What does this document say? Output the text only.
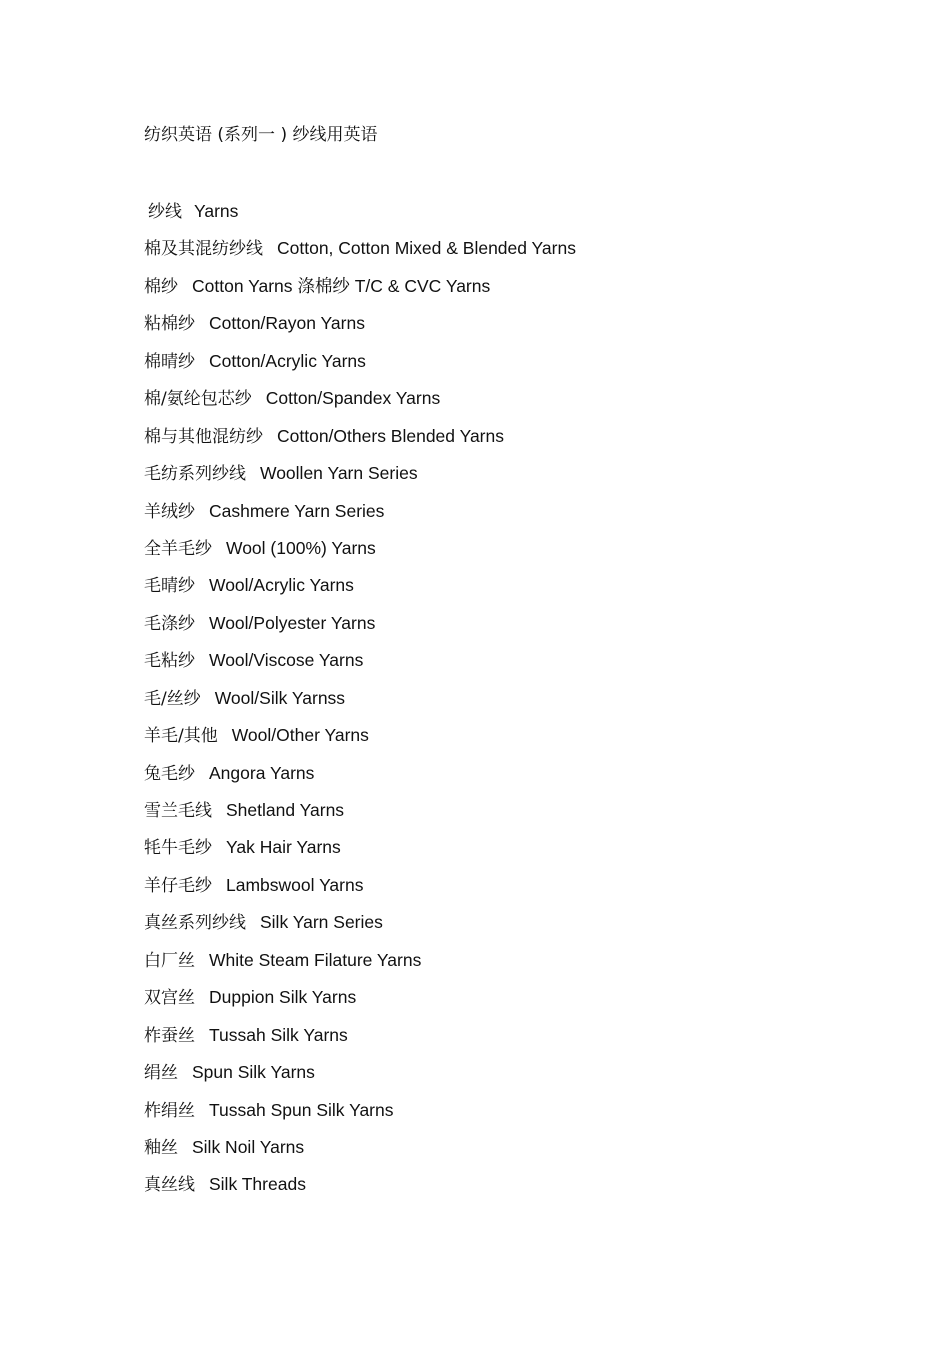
纺织英语 (系列一 ) 纱线用英语
纱线 Yarns
棉及其混纺纱线 Cotton, Cotton Mixed & Blended Yarns
棉纱 Cotton Yarns 涤棉纱 T/C & CVC Yarns
粘棉纱 Cotton/Rayon Yarns
棉晴纱 Cotton/Acrylic Yarns
棉/氨纶包芯纱 Cotton/Spandex Yarns
棉与其他混纺纱 Cotton/Others Blended Yarns
毛纺系列纱线 Woollen Yarn Series
羊绒纱 Cashmere Yarn Series
全羊毛纱 Wool (100%) Yarns
毛晴纱 Wool/Acrylic Yarns
毛涤纱 Wool/Polyester Yarns
毛粘纱 Wool/Viscose Yarns
毛/丝纱 Wool/Silk Yarnss
羊毛/其他 Wool/Other Yarns
兔毛纱 Angora Yarns
雪兰毛线 Shetland Yarns
牦牛毛纱 Yak Hair Yarns
羊仔毛纱 Lambswool Yarns
真丝系列纱线 Silk Yarn Series
白厂丝 White Steam Filature Yarns
双宫丝 Duppion Silk Yarns
柞蚕丝 Tussah Silk Yarns
绢丝 Spun Silk Yarns
柞绢丝 Tussah Spun Silk Yarns
釉丝 Silk Noil Yarns
真丝线 Silk Threads
